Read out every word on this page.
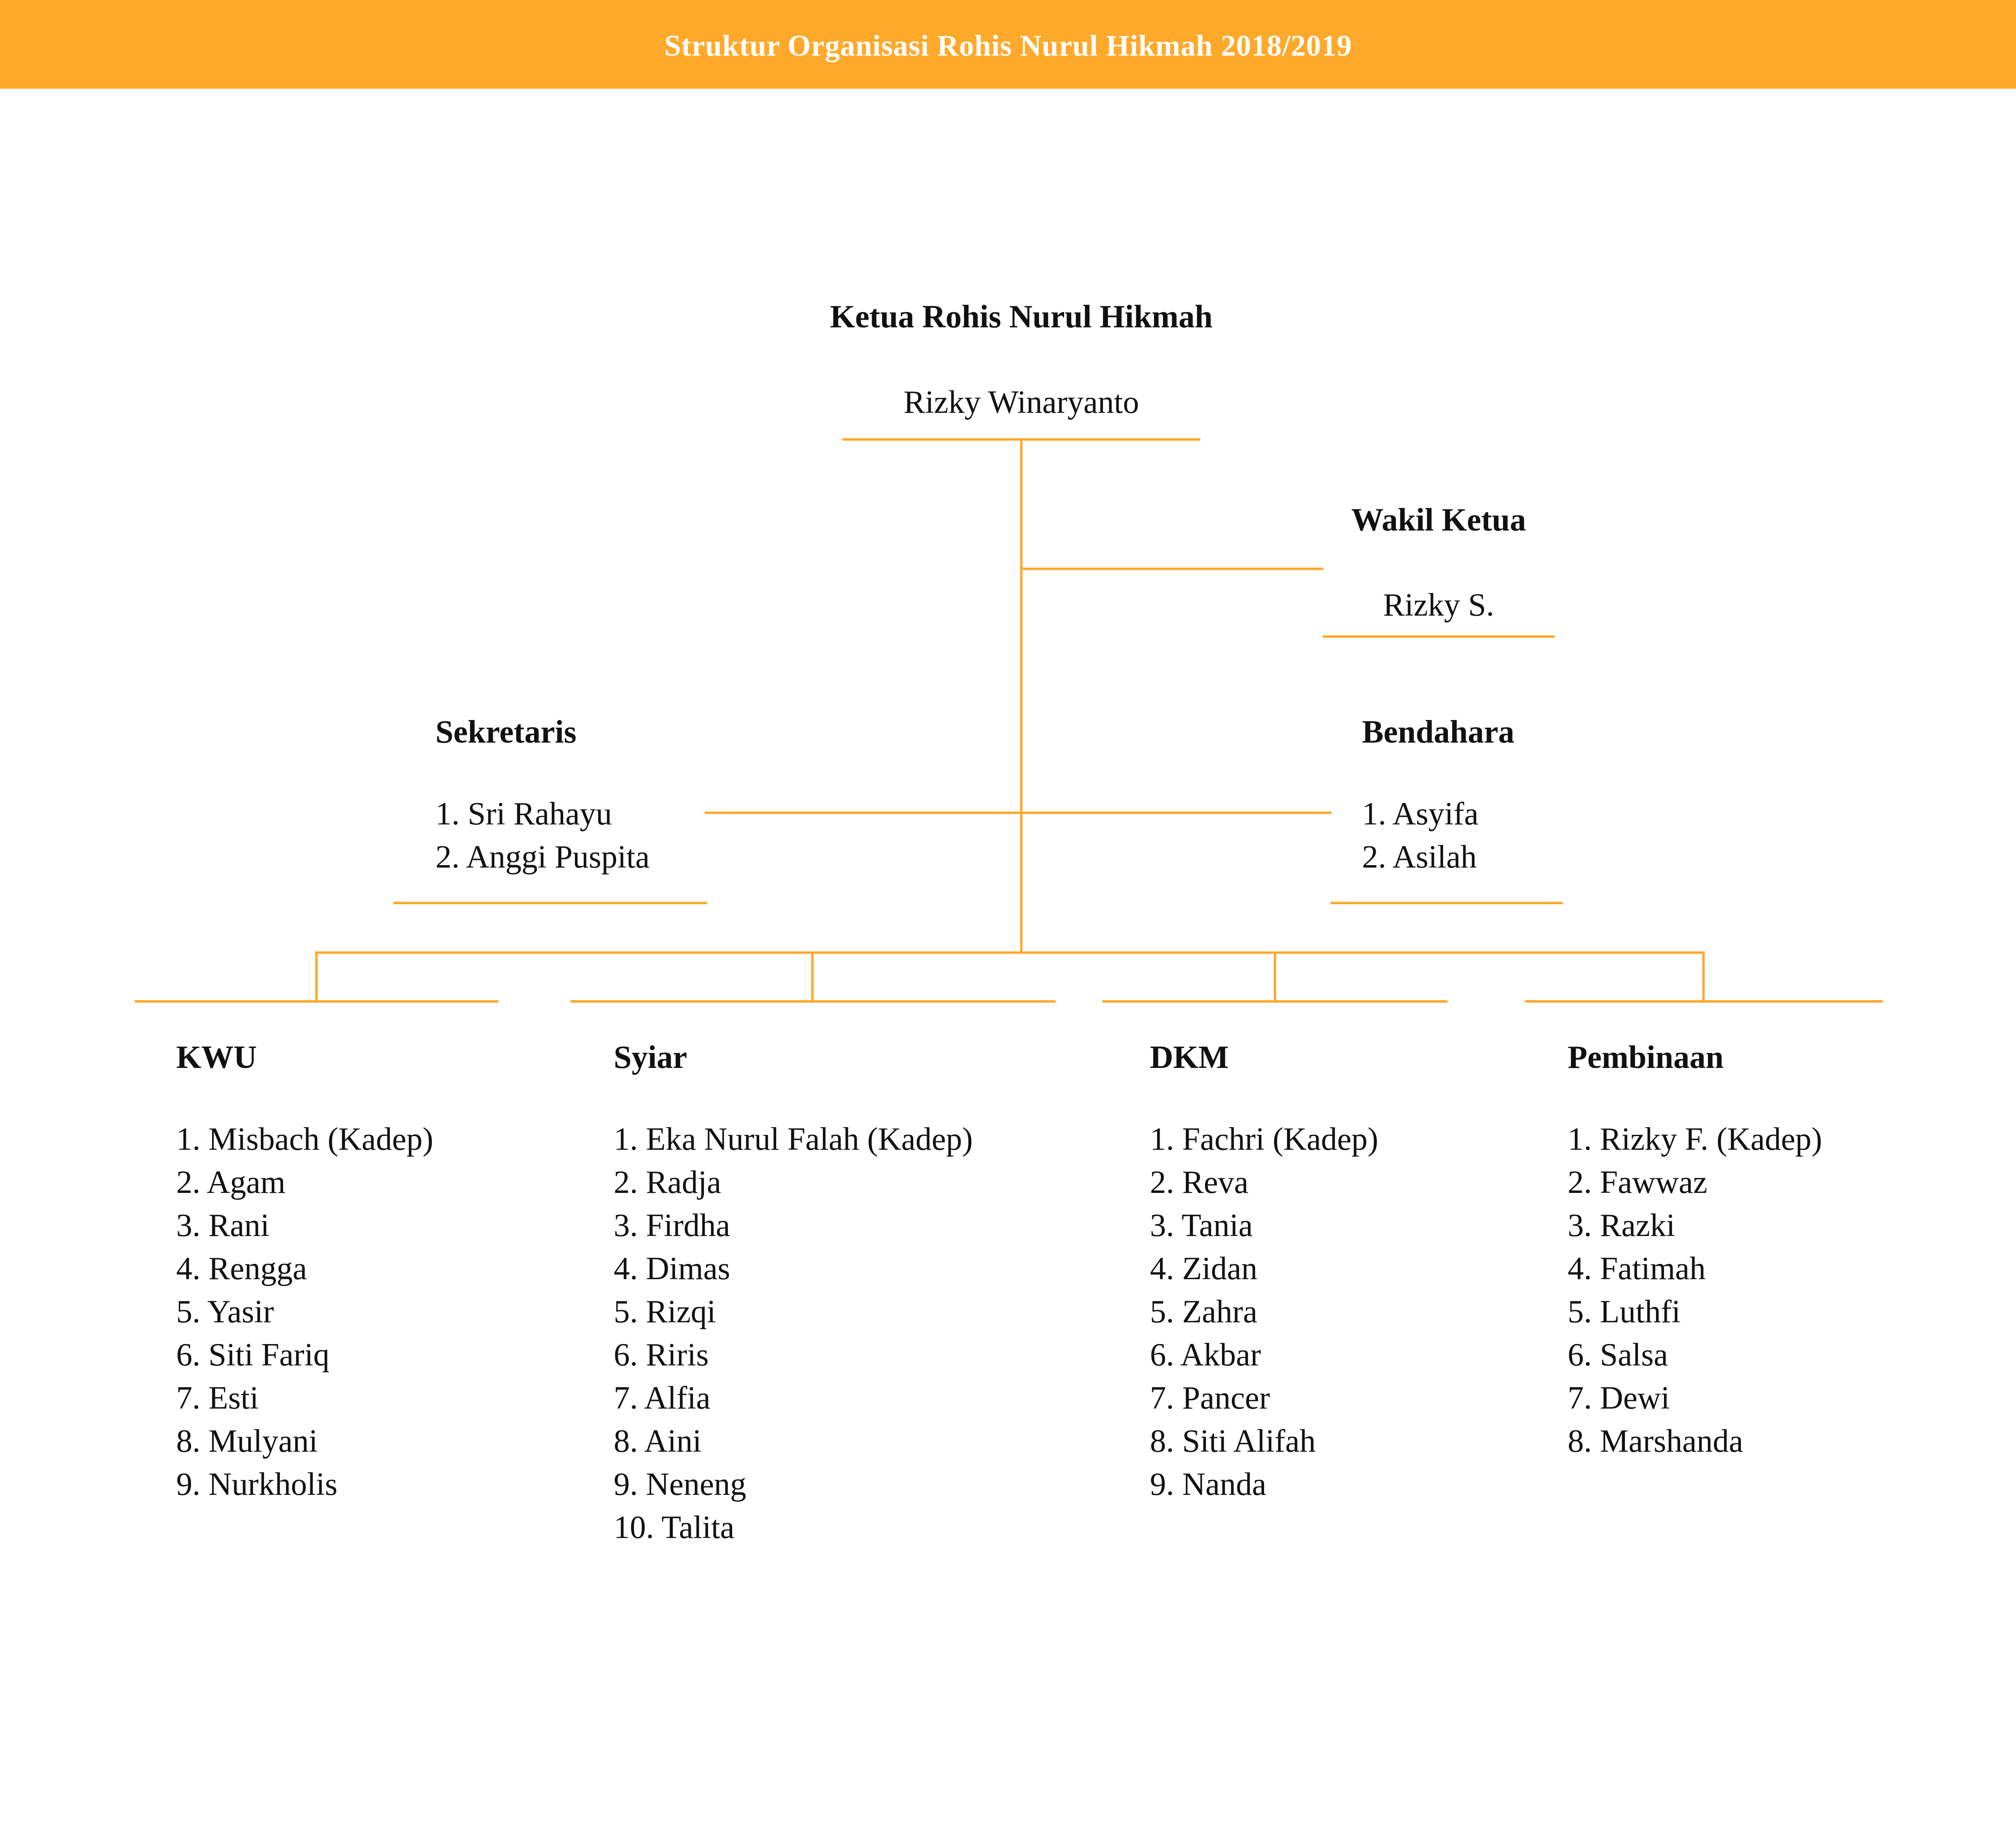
Struktur Organisasi Rohis Nurul Hikmah 2018/2019
Ketua Rohis Nurul Hikmah
Rizky Winaryanto
Wakil Ketua
Rizky S.
Sekretaris
1. Sri Rahayu
2. Anggi Puspita
Bendahara
1. Asyifa
2. Asilah
KWU
1. Misbach (Kadep)
2. Agam
3. Rani
4. Rengga
5. Yasir
6. Siti Fariq
7. Esti
8. Mulyani
9. Nurkholis
Syiar
1. Eka Nurul Falah (Kadep)
2. Radja
3. Firdha
4. Dimas
5. Rizqi
6. Riris
7. Alfia
8. Aini
9. Neneng
10. Talita
DKM
1. Fachri (Kadep)
2. Reva
3. Tania
4. Zidan
5. Zahra
6. Akbar
7. Pancer
8. Siti Alifah
9. Nanda
Pembinaan
1. Rizky F. (Kadep)
2. Fawwaz
3. Razki
4. Fatimah
5. Luthfi
6. Salsa
7. Dewi
8. Marshanda
